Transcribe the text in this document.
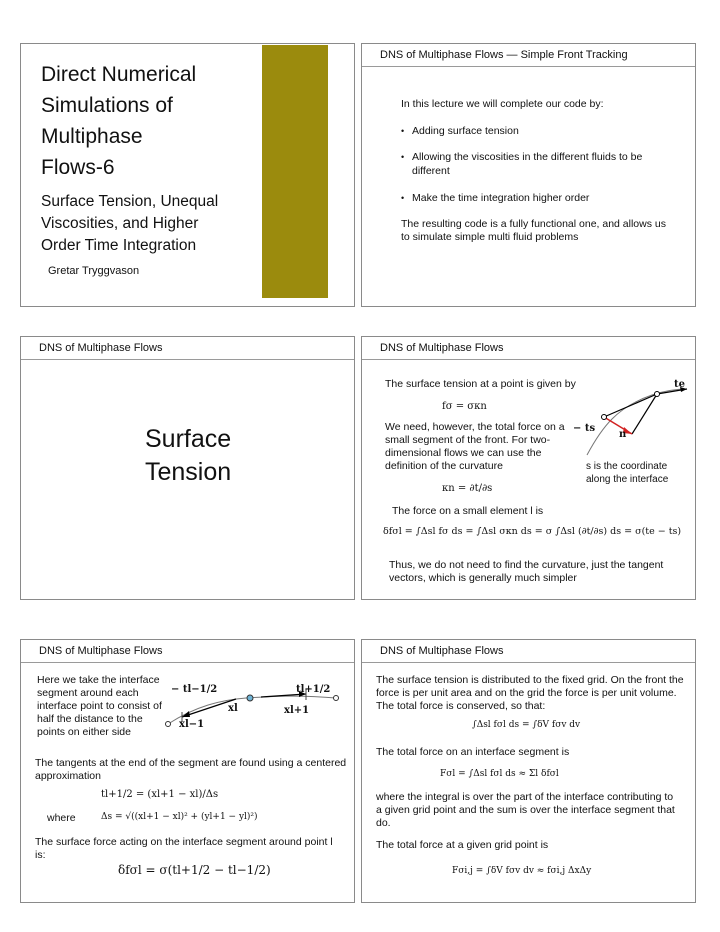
Direct Numerical
Simulations of
Multiphase
Flows-6
Surface Tension, Unequal
Viscosities, and Higher
Order Time Integration
Gretar Tryggvason
DNS of Multiphase Flows — Simple Front Tracking
In this lecture we will complete our code by:
• Adding surface tension
• Allowing the viscosities in the different fluids to be different
• Make the time integration higher order
The resulting code is a fully functional one, and allows us to simulate simple multi fluid problems
DNS of Multiphase Flows
Surface
Tension
DNS of Multiphase Flows
The surface tension at a point is given by
fσ = σκn
We need, however, the total force on a small segment of the front. For two-dimensional flows we can use the definition of the curvature
κn = ∂t/∂s
s is the coordinate along the interface
The force on a small element l is
δfσl = ∫Δsl fσ ds = ∫Δsl σκn ds = σ ∫Δsl (∂t/∂s) ds = σ(te − ts)
Thus, we do not need to find the curvature, just the tangent vectors, which is generally much simpler
te
− ts
n
DNS of Multiphase Flows
Here we take the interface segment around each interface point to consist of half the distance to the points on either side
− tl−1/2	tl+1/2
xl	xl+1
xl−1
The tangents at the end of the segment are found using a centered approximation
tl+1/2 = (xl+1 − xl)/Δs
where	Δs = √((xl+1 − xl)² + (yl+1 − yl)²)
The surface force acting on the interface segment around point l is:
δfσl = σ(tl+1/2 − tl−1/2)
DNS of Multiphase Flows
The surface tension is distributed to the fixed grid. On the front the force is per unit area and on the grid the force is per unit volume. The total force is conserved, so that:
∫Δsl fσl ds = ∫δV fσv dv
The total force on an interface segment is
Fσl = ∫Δsl fσl ds ≈ Σl δfσl
where the integral is over the part of the interface contributing to a given grid point and the sum is over the interface segment that do.
The total force at a given grid point is
Fσi,j = ∫δV fσv dv ≈ fσi,j ΔxΔy
